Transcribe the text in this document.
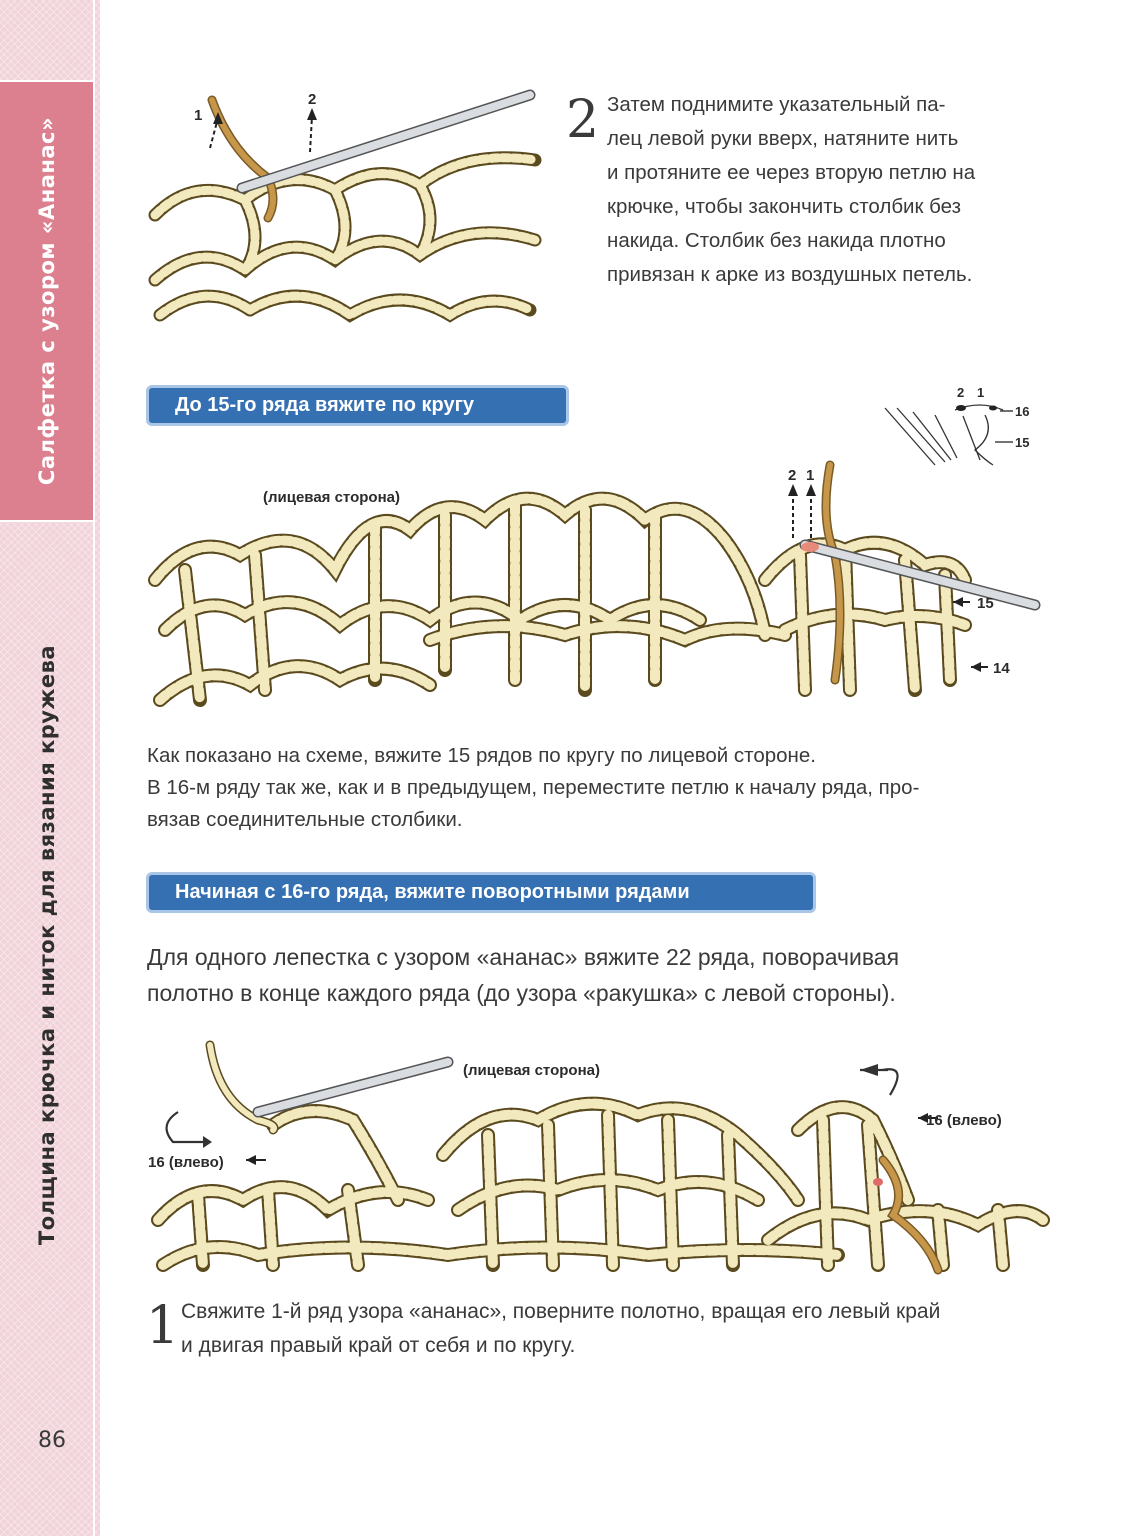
Салфетка с узором «Ананас»
Толщина крючка и ниток для вязания кружева
86
1
2	2 Затем поднимите указательный па-
лец левой руки вверх, натяните нить
и протяните ее через вторую петлю на
крючке, чтобы закончить столбик без
накида. Столбик без накида плотно
привязан к арке из воздушных петель.
До 15-го ряда вяжите по кругу
2 1
16
15
(лицевая сторона)
2 1
15
14
Как показано на схеме, вяжите 15 рядов по кругу по лицевой стороне.
В 16-м ряду так же, как и в предыдущем, переместите петлю к началу ряда, про-
вязав соединительные столбики.
Начиная с 16-го ряда, вяжите поворотными рядами
Для одного лепестка с узором «ананас» вяжите 22 ряда, поворачивая
полотно в конце каждого ряда (до узора «ракушка» с левой стороны).
(лицевая сторона)
16 (влево)
16 (влево)
1 Свяжите 1-й ряд узора «ананас», поверните полотно, вращая его левый край
и двигая правый край от себя и по кругу.
